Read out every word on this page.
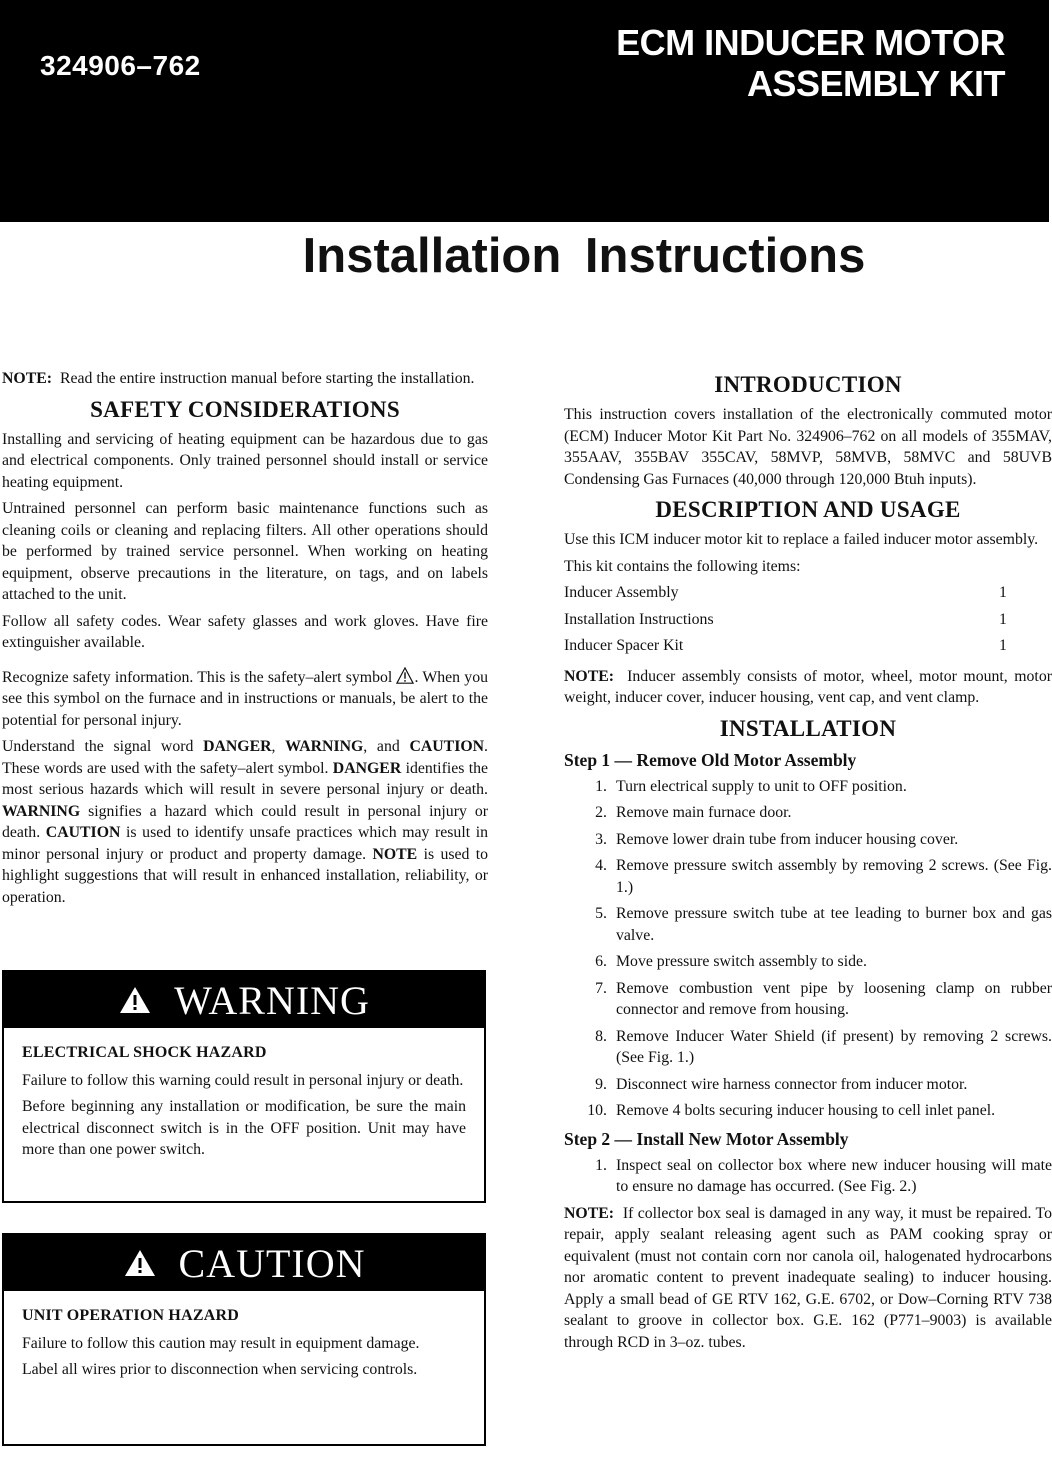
324906–762
ECM INDUCER MOTOR
ASSEMBLY KIT
Installation Instructions

NOTE: Read the entire instruction manual before starting the installation.

SAFETY CONSIDERATIONS

Installing and servicing of heating equipment can be hazardous due to gas and electrical components. Only trained personnel should install or service heating equipment.

Untrained personnel can perform basic maintenance functions such as cleaning coils or cleaning and replacing filters. All other operations should be performed by trained service personnel. When working on heating equipment, observe precautions in the literature, on tags, and on labels attached to the unit.

Follow all safety codes. Wear safety glasses and work gloves. Have fire extinguisher available.

Recognize safety information. This is the safety–alert symbol . When you see this symbol on the furnace and in instructions or manuals, be alert to the potential for personal injury.

Understand the signal word DANGER, WARNING, and CAUTION. These words are used with the safety–alert symbol. DANGER identifies the most serious hazards which will result in severe personal injury or death. WARNING signifies a hazard which could result in personal injury or death. CAUTION is used to identify unsafe practices which may result in minor personal injury or product and property damage. NOTE is used to highlight suggestions that will result in enhanced installation, reliability, or operation.

WARNING
ELECTRICAL SHOCK HAZARD

Failure to follow this warning could result in personal injury or death.

Before beginning any installation or modification, be sure the main electrical disconnect switch is in the OFF position. Unit may have more than one power switch.

CAUTION
UNIT OPERATION HAZARD

Failure to follow this caution may result in equipment damage.

Label all wires prior to disconnection when servicing controls.

INTRODUCTION

This instruction covers installation of the electronically commuted motor (ECM) Inducer Motor Kit Part No. 324906–762 on all models of 355MAV, 355AAV, 355BAV 355CAV, 58MVP, 58MVB, 58MVC and 58UVB Condensing Gas Furnaces (40,000 through 120,000 Btuh inputs).

DESCRIPTION AND USAGE

Use this ICM inducer motor kit to replace a failed inducer motor assembly.

This kit contains the following items:

Inducer Assembly	1
Installation Instructions	1
Inducer Spacer Kit	1

NOTE: Inducer assembly consists of motor, wheel, motor mount, motor weight, inducer cover, inducer housing, vent cap, and vent clamp.

INSTALLATION
Step 1 — Remove Old Motor Assembly
1. Turn electrical supply to unit to OFF position.
2. Remove main furnace door.
3. Remove lower drain tube from inducer housing cover.
4. Remove pressure switch assembly by removing 2 screws. (See Fig. 1.)
5. Remove pressure switch tube at tee leading to burner box and gas valve.
6. Move pressure switch assembly to side.
7. Remove combustion vent pipe by loosening clamp on rubber connector and remove from housing.
8. Remove Inducer Water Shield (if present) by removing 2 screws. (See Fig. 1.)
9. Disconnect wire harness connector from inducer motor.
10. Remove 4 bolts securing inducer housing to cell inlet panel.
Step 2 — Install New Motor Assembly
1. Inspect seal on collector box where new inducer housing will mate to ensure no damage has occurred. (See Fig. 2.)

NOTE: If collector box seal is damaged in any way, it must be repaired. To repair, apply sealant releasing agent such as PAM cooking spray or equivalent (must not contain corn nor canola oil, halogenated hydrocarbons nor aromatic content to prevent inadequate sealing) to inducer housing. Apply a small bead of GE RTV 162, G.E. 6702, or Dow–Corning RTV 738 sealant to groove in collector box. G.E. 162 (P771–9003) is available through RCD in 3–oz. tubes.
